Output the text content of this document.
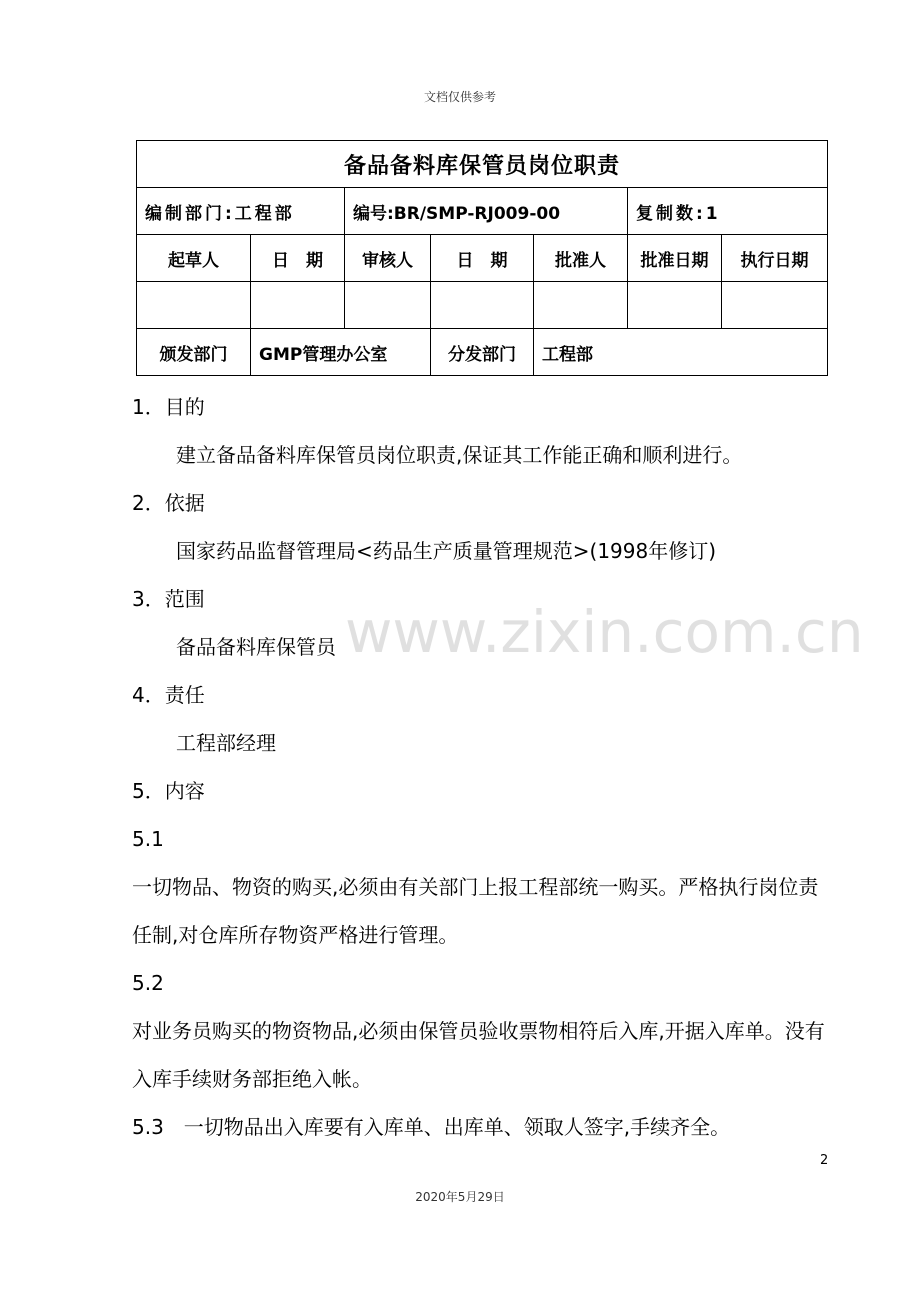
文档仅供参考
备品备料库保管员岗位职责						
编制部门:工程部		编号:BR/SMP-RJ009-00			复制数:1	
起草人	日　期	审核人	日　期	批准人	批准日期	执行日期

颁发部门	GMP管理办公室		分发部门	工程部		

1．目的

建立备品备料库保管员岗位职责,保证其工作能正确和顺利进行。

2．依据

国家药品监督管理局<药品生产质量管理规范>(1998年修订)

3．范围

备品备料库保管员

4．责任

工程部经理

5．内容

5.1

一切物品、物资的购买,必须由有关部门上报工程部统一购买。严格执行岗位责任制,对仓库所存物资严格进行管理。

5.2

对业务员购买的物资物品,必须由保管员验收票物相符后入库,开据入库单。没有入库手续财务部拒绝入帐。

5.3　一切物品出入库要有入库单、出库单、领取人签字,手续齐全。

www.zixin.com.cn
2
2020年5月29日
